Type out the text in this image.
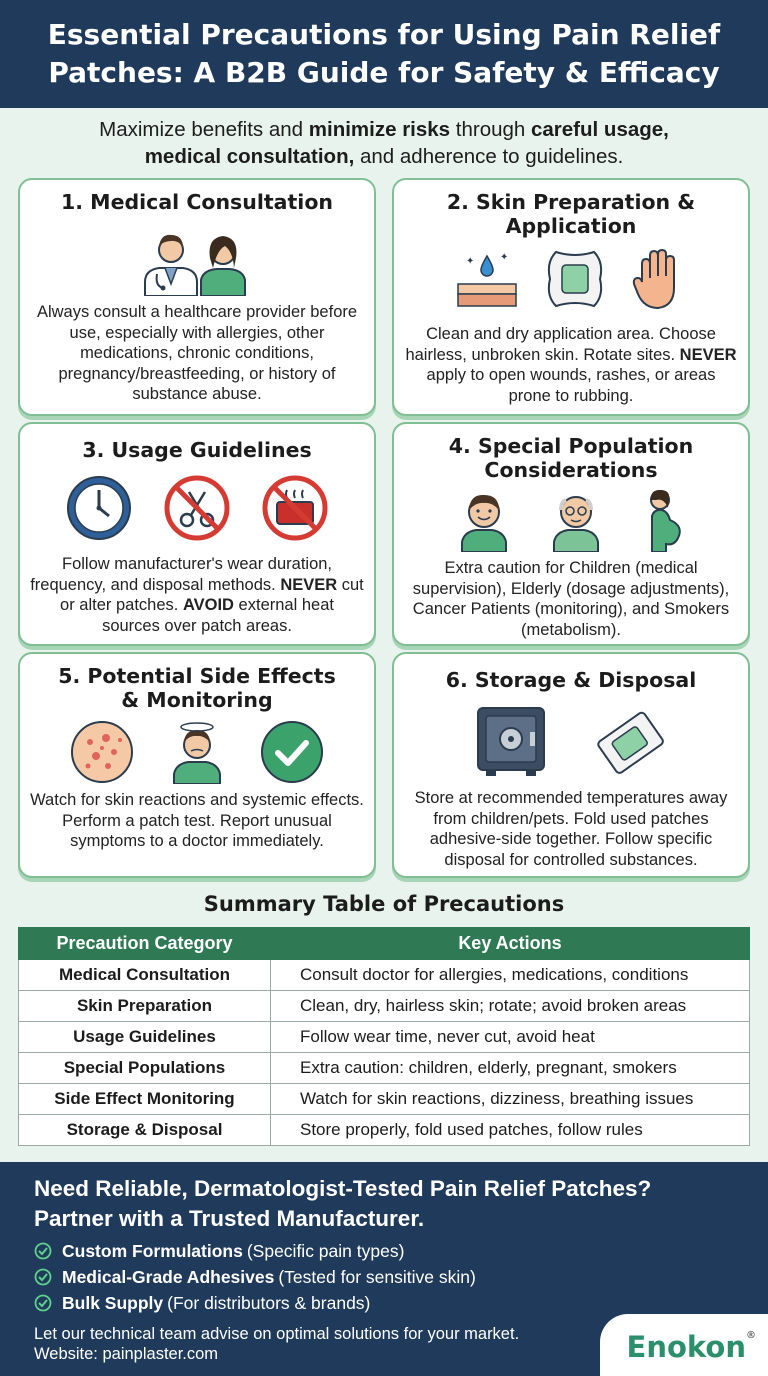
Essential Precautions for Using Pain Relief
Patches: A B2B Guide for Safety & Efficacy
Maximize benefits and minimize risks through careful usage,
medical consultation, and adherence to guidelines.
1. Medical Consultation

Always consult a healthcare provider before use, especially with allergies, other medications, chronic conditions, pregnancy/breastfeeding, or history of substance abuse.

2. Skin Preparation &
Application
✦	✦

Clean and dry application area. Choose hairless, unbroken skin. Rotate sites. NEVER apply to open wounds, rashes, or areas prone to rubbing.

3. Usage Guidelines

Follow manufacturer's wear duration, frequency, and disposal methods. NEVER cut or alter patches. AVOID external heat sources over patch areas.

4. Special Population
Considerations

Extra caution for Children (medical supervision), Elderly (dosage adjustments), Cancer Patients (monitoring), and Smokers (metabolism).

5. Potential Side Effects
& Monitoring

Watch for skin reactions and systemic effects. Perform a patch test. Report unusual symptoms to a doctor immediately.

6. Storage & Disposal

Store at recommended temperatures away from children/pets. Fold used patches adhesive-side together. Follow specific disposal for controlled substances.

Summary Table of Precautions
Precaution Category	Key Actions
Medical Consultation	Consult doctor for allergies, medications, conditions
Skin Preparation	Clean, dry, hairless skin; rotate; avoid broken areas
Usage Guidelines	Follow wear time, never cut, avoid heat
Special Populations	Extra caution: children, elderly, pregnant, smokers
Side Effect Monitoring	Watch for skin reactions, dizziness, breathing issues
Storage & Disposal	Store properly, fold used patches, follow rules
Need Reliable, Dermatologist-Tested Pain Relief Patches?
Partner with a Trusted Manufacturer.
Custom Formulations (Specific pain types)
Medical-Grade Adhesives (Tested for sensitive skin)
Bulk Supply (For distributors & brands)
Let our technical team advise on optimal solutions for your market.
Website: painplaster.com	Enokon®
